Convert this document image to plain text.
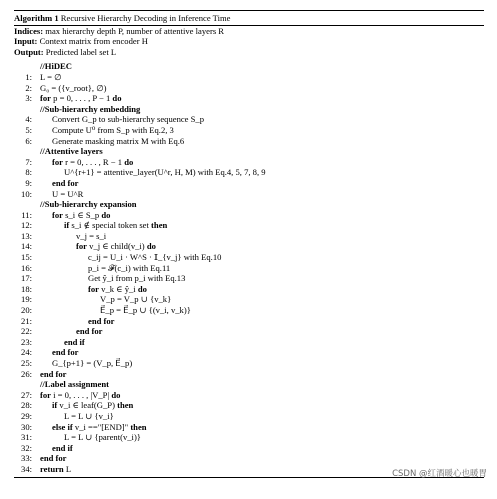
Algorithm 1 Recursive Hierarchy Decoding in Inference Time
Indices: max hierarchy depth P, number of attentive layers R
Input: Context matrix from encoder H
Output: Predicted label set L
//HiDEC
1: L = ∅
2: G₀ = ({v_root}, ∅)
3: for p = 0, . . . , P − 1 do
//Sub-hierarchy embedding
4: Convert G_p to sub-hierarchy sequence S_p
5: Compute U⁰ from S_p with Eq.2, 3
6: Generate masking matrix M with Eq.6
//Attentive layers
7: for r = 0, . . . , R − 1 do
8:	U^{r+1} = attentive_layer(U^r, H, M) with Eq.4, 5, 7, 8, 9
9: end for
10: U = U^R
//Sub-hierarchy expansion
11: for s_i ∈ S_p do
12:	if s_i ∉ special token set then
13:	v_j = s_i
14:	for v_j ∈ child(v_i) do
15:	c_ij = U_i · W^S · 𝕀_{v_j} with Eq.10
16:	p_i = 𝓕(c_i) with Eq.11
17:	Get ŷ_i from p_i with Eq.13
18:	for v_k ∈ ŷ_i do
19:	V_p = V_p ∪ {v_k}
20:	E⃗_p = E⃗_p ∪ {(v_i, v_k)}
21:	end for
22:	end for
23:	end if
24: end for
25: G_{p+1} = (V_p, E⃗_p)
26: end for
//Label assignment
27: for i = 0, . . . , |V_P| do
28: if v_i ∈ leaf(G_P) then
29:	L = L ∪ {v_i}
30: else if v_i =="[END]" then
31:	L = L ∪ {parent(v_i)}
32: end if
33: end for
34: return L
CSDN @红酒暖心也暖胃
